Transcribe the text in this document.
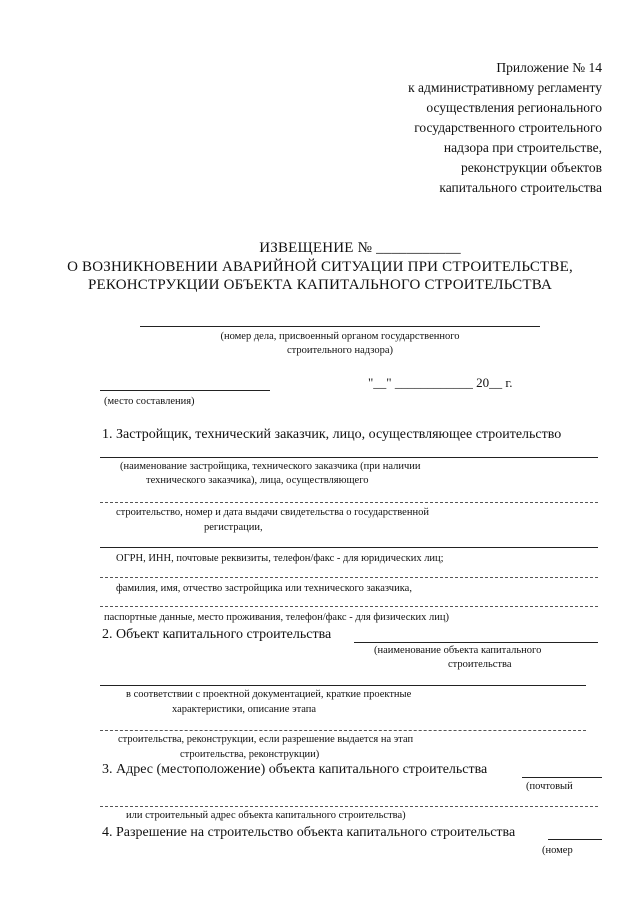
Приложение № 14
к административному регламенту
осуществления регионального
государственного строительного
надзора при строительстве,
реконструкции объектов
капитального строительства
ИЗВЕЩЕНИЕ № ___________
О ВОЗНИКНОВЕНИИ АВАРИЙНОЙ СИТУАЦИИ ПРИ СТРОИТЕЛЬСТВЕ,
РЕКОНСТРУКЦИИ ОБЪЕКТА КАПИТАЛЬНОГО СТРОИТЕЛЬСТВА
(номер дела, присвоенный органом государственного
строительного надзора)
"__" ____________ 20__ г.
(место составления)
1. Застройщик, технический заказчик, лицо, осуществляющее строительство
(наименование застройщика, технического заказчика (при наличии
технического заказчика), лица, осуществляющего
строительство, номер и дата выдачи свидетельства о государственной
регистрации,
ОГРН, ИНН, почтовые реквизиты, телефон/факс - для юридических лиц;
фамилия, имя, отчество застройщика или технического заказчика,
паспортные данные, место проживания, телефон/факс - для физических лиц)
2. Объект капитального строительства
(наименование объекта капитального
строительства
в соответствии с проектной документацией, краткие проектные
характеристики, описание этапа
строительства, реконструкции, если разрешение выдается на этап
строительства, реконструкции)
3. Адрес (местоположение) объекта капитального строительства
(почтовый
или строительный адрес объекта капитального строительства)
4. Разрешение на строительство объекта капитального строительства
(номер
